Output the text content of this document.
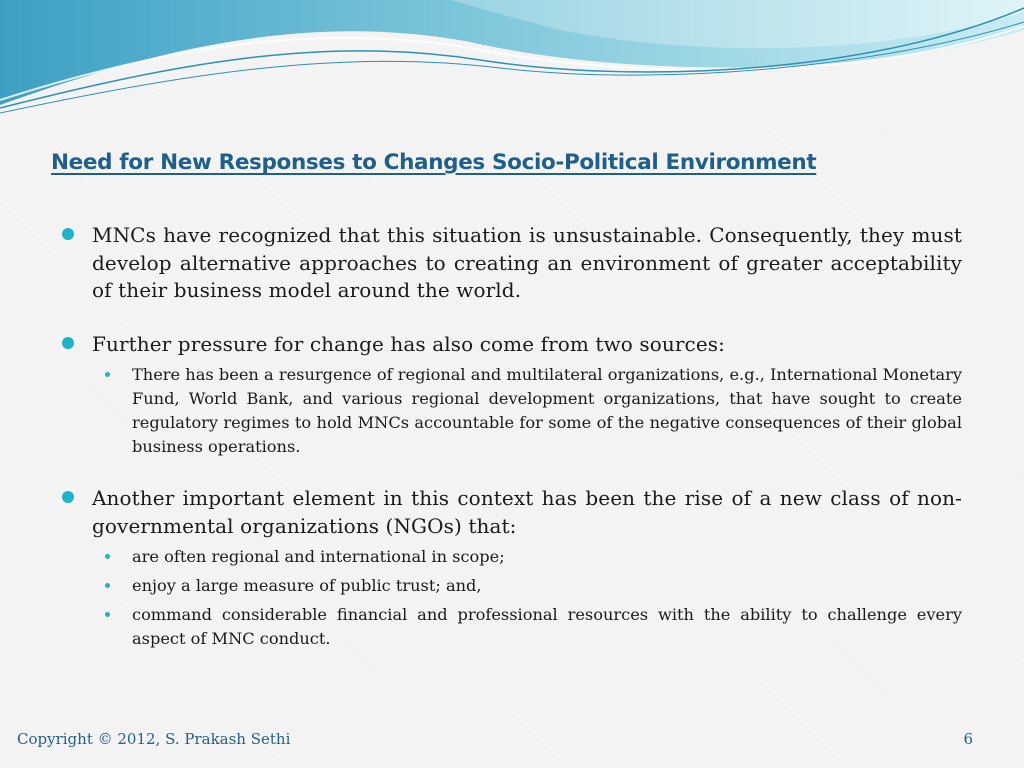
Need for New Responses to Changes Socio-Political Environment

MNCs have recognized that this situation is unsustainable. Consequently, they must develop alternative approaches to creating an environment of greater acceptability of their business model around the world.

Further pressure for change has also come from two sources:

There has been a resurgence of regional and multilateral organizations, e.g., International Monetary Fund, World Bank, and various regional development organizations, that have sought to create regulatory regimes to hold MNCs accountable for some of the negative consequences of their global business operations.

Another important element in this context has been the rise of a new class of non-governmental organizations (NGOs) that:

are often regional and international in scope;
enjoy a large measure of public trust; and,
command considerable financial and professional resources with the ability to challenge every aspect of MNC conduct.

Copyright © 2012, S. Prakash Sethi	6
